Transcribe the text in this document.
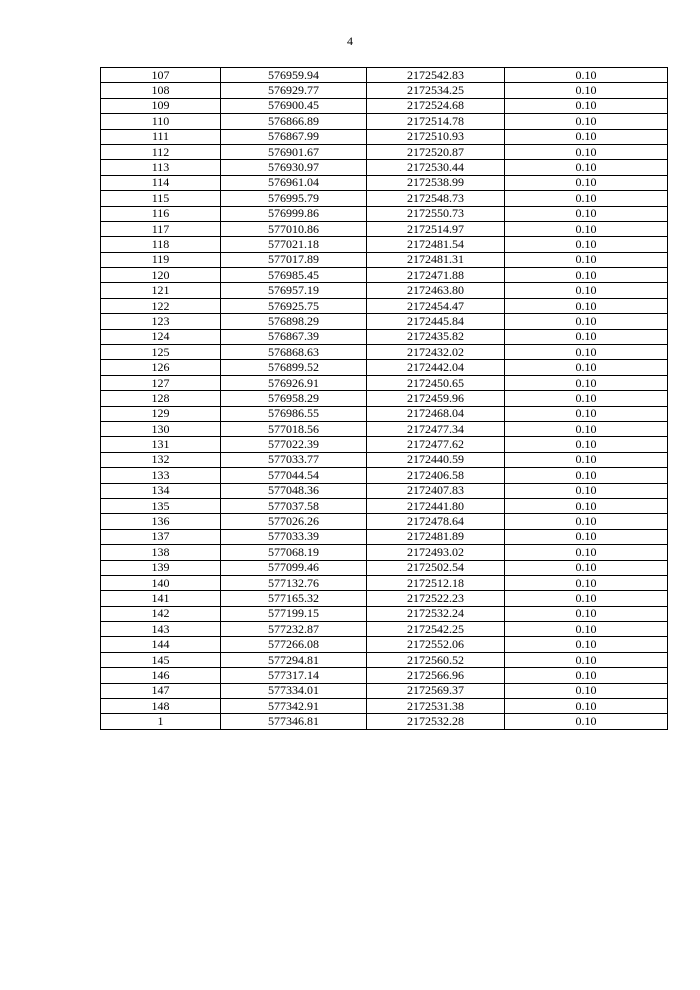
4
107	576959.94	2172542.83	0.10
108	576929.77	2172534.25	0.10
109	576900.45	2172524.68	0.10
110	576866.89	2172514.78	0.10
111	576867.99	2172510.93	0.10
112	576901.67	2172520.87	0.10
113	576930.97	2172530.44	0.10
114	576961.04	2172538.99	0.10
115	576995.79	2172548.73	0.10
116	576999.86	2172550.73	0.10
117	577010.86	2172514.97	0.10
118	577021.18	2172481.54	0.10
119	577017.89	2172481.31	0.10
120	576985.45	2172471.88	0.10
121	576957.19	2172463.80	0.10
122	576925.75	2172454.47	0.10
123	576898.29	2172445.84	0.10
124	576867.39	2172435.82	0.10
125	576868.63	2172432.02	0.10
126	576899.52	2172442.04	0.10
127	576926.91	2172450.65	0.10
128	576958.29	2172459.96	0.10
129	576986.55	2172468.04	0.10
130	577018.56	2172477.34	0.10
131	577022.39	2172477.62	0.10
132	577033.77	2172440.59	0.10
133	577044.54	2172406.58	0.10
134	577048.36	2172407.83	0.10
135	577037.58	2172441.80	0.10
136	577026.26	2172478.64	0.10
137	577033.39	2172481.89	0.10
138	577068.19	2172493.02	0.10
139	577099.46	2172502.54	0.10
140	577132.76	2172512.18	0.10
141	577165.32	2172522.23	0.10
142	577199.15	2172532.24	0.10
143	577232.87	2172542.25	0.10
144	577266.08	2172552.06	0.10
145	577294.81	2172560.52	0.10
146	577317.14	2172566.96	0.10
147	577334.01	2172569.37	0.10
148	577342.91	2172531.38	0.10
1	577346.81	2172532.28	0.10
